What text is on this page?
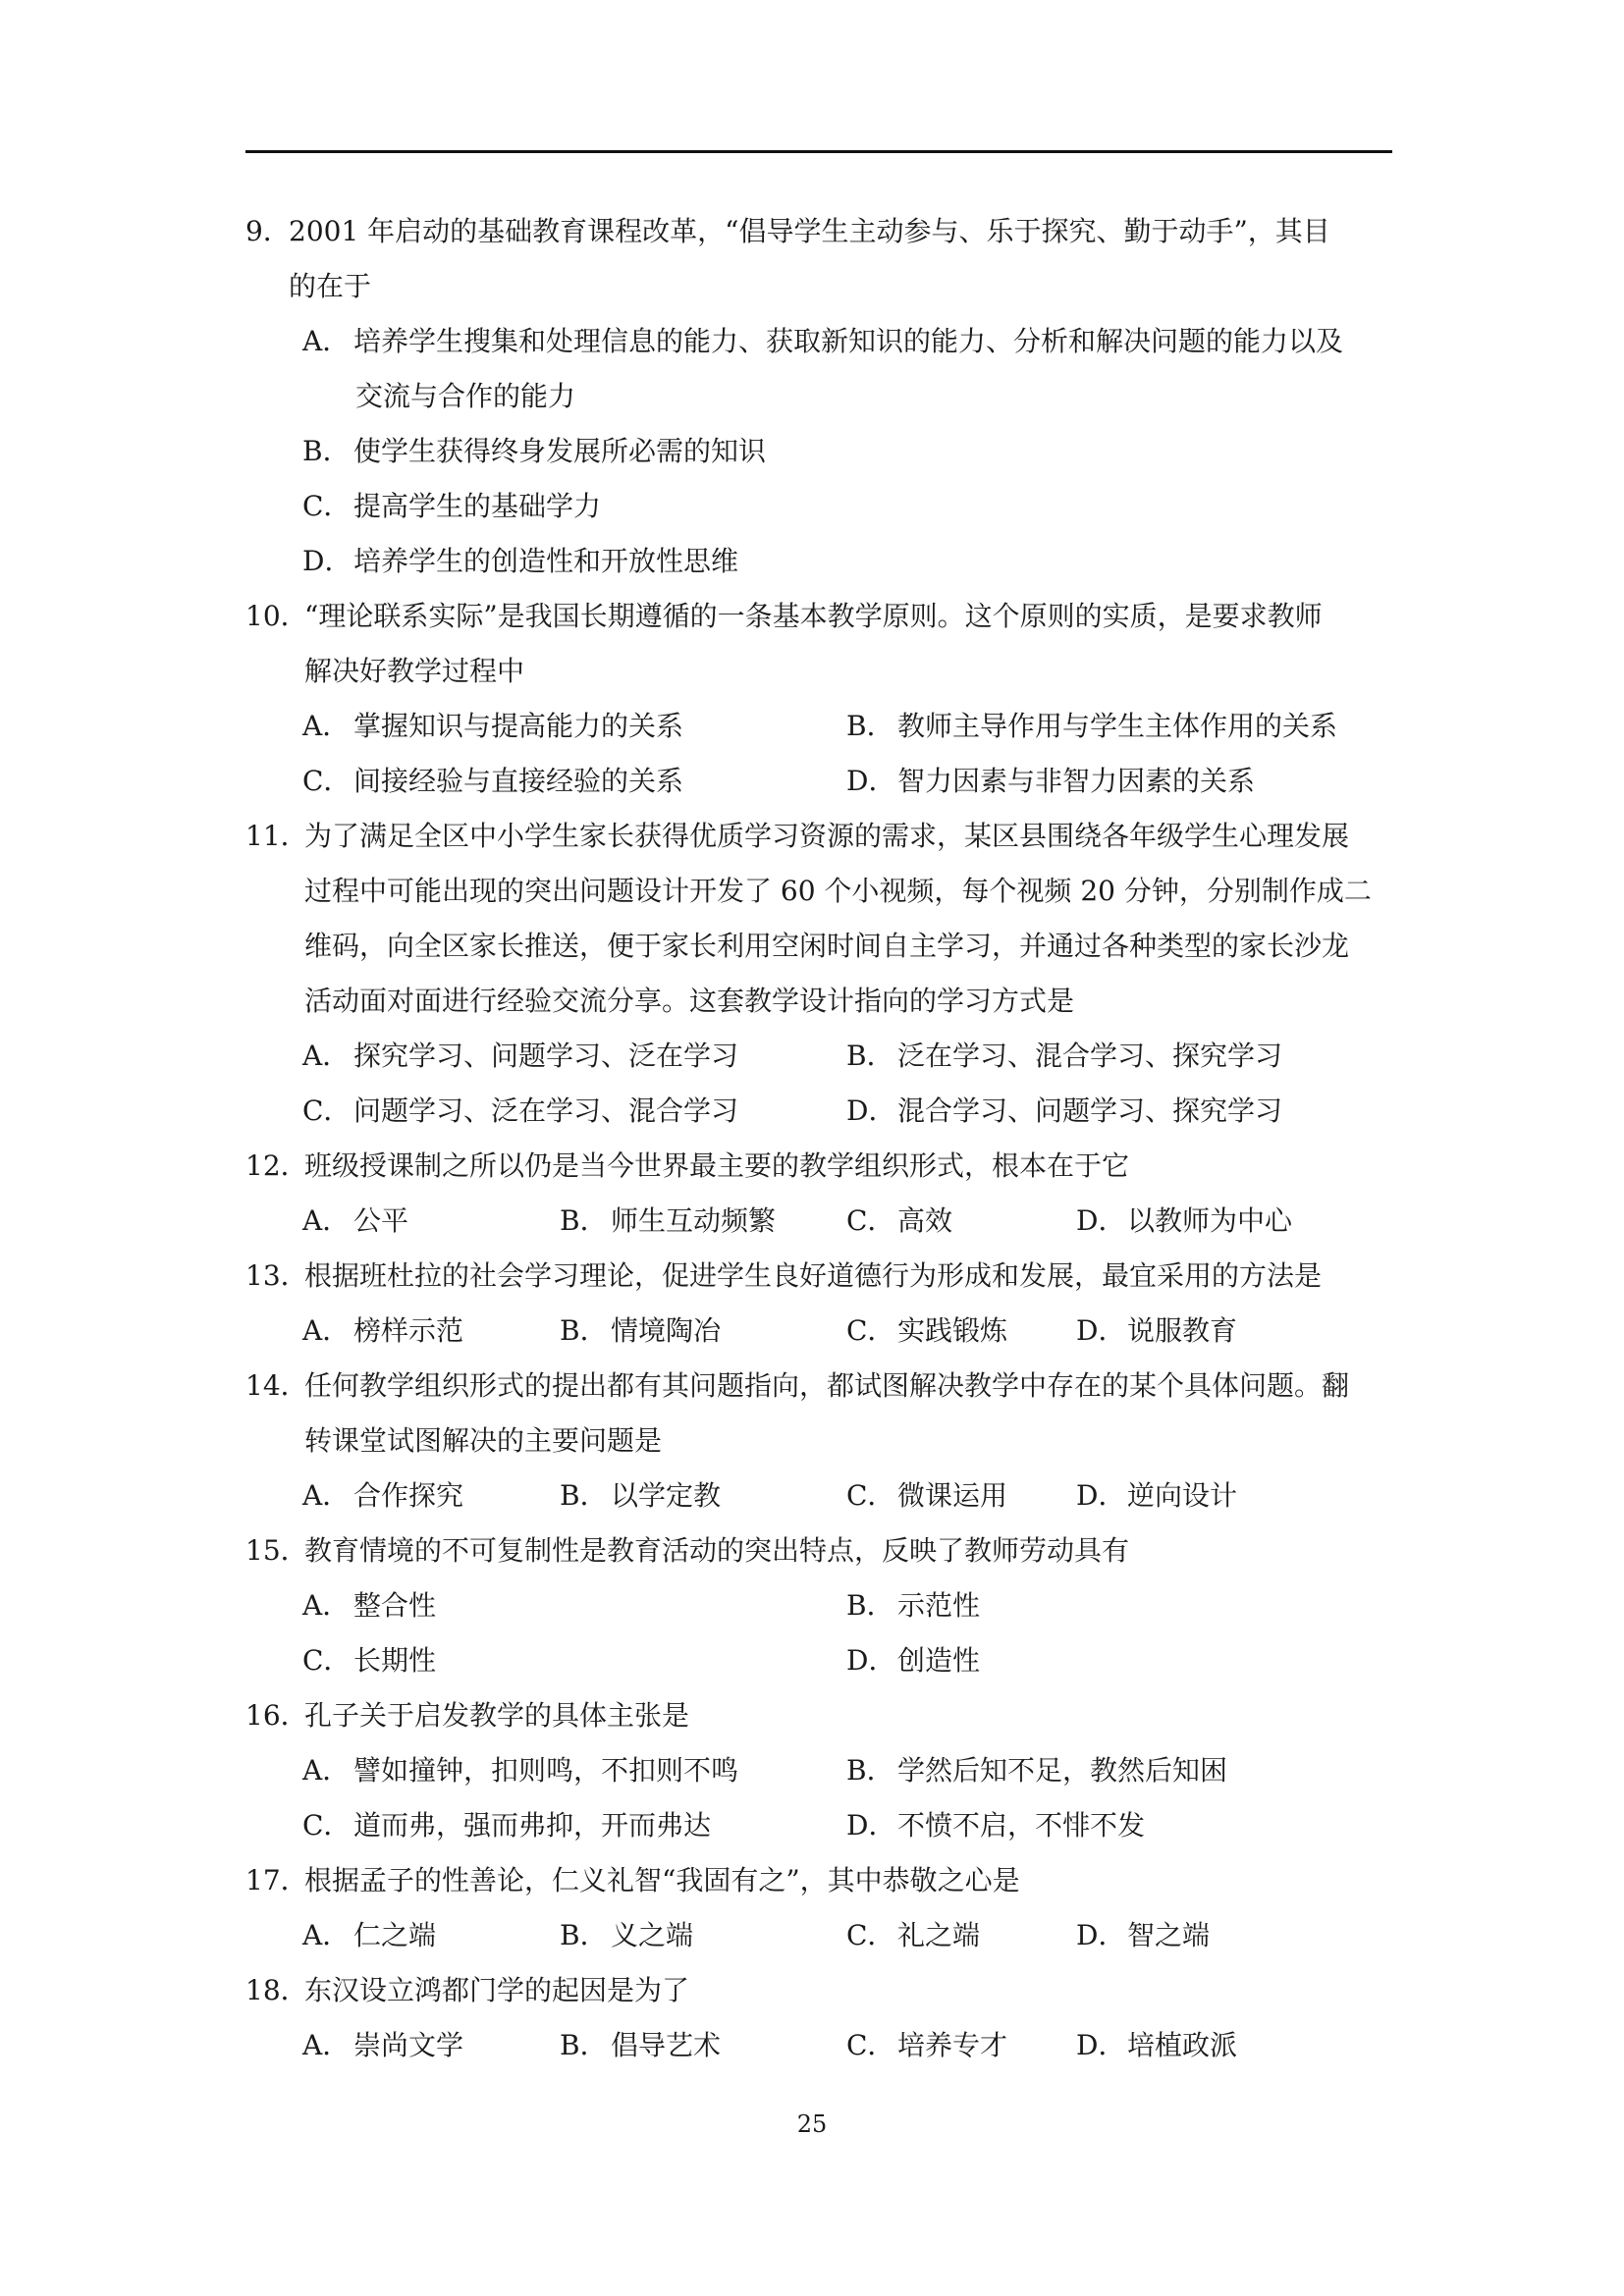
9．2001 年启动的基础教育课程改革，“倡导学生主动参与、乐于探究、勤于动手”，其目
的在于
A． 培养学生搜集和处理信息的能力、获取新知识的能力、分析和解决问题的能力以及
交流与合作的能力
B． 使学生获得终身发展所必需的知识
C．提高学生的基础学力
D．培养学生的创造性和开放性思维
10．“理论联系实际”是我国长期遵循的一条基本教学原则。这个原则的实质，是要求教师
解决好教学过程中
A． 掌握知识与提高能力的关系	B． 教师主导作用与学生主体作用的关系
C．间接经验与直接经验的关系	D．智力因素与非智力因素的关系
11．为了满足全区中小学生家长获得优质学习资源的需求，某区县围绕各年级学生心理发展
过程中可能出现的突出问题设计开发了 60 个小视频，每个视频 20 分钟，分别制作成二
维码，向全区家长推送，便于家长利用空闲时间自主学习，并通过各种类型的家长沙龙
活动面对面进行经验交流分享。这套教学设计指向的学习方式是
A． 探究学习、问题学习、泛在学习	B． 泛在学习、混合学习、探究学习
C．问题学习、泛在学习、混合学习	D．混合学习、问题学习、探究学习
12．班级授课制之所以仍是当今世界最主要的教学组织形式，根本在于它
A． 公平	B． 师生互动频繁	C．高效	D．以教师为中心
13．根据班杜拉的社会学习理论，促进学生良好道德行为形成和发展，最宜采用的方法是
A． 榜样示范	B． 情境陶冶	C．实践锻炼 D．说服教育
14．任何教学组织形式的提出都有其问题指向，都试图解决教学中存在的某个具体问题。翻
转课堂试图解决的主要问题是
A． 合作探究	B． 以学定教	C．微课运用 D．逆向设计
15．教育情境的不可复制性是教育活动的突出特点，反映了教师劳动具有
A． 整合性	B． 示范性
C．长期性	D．创造性
16．孔子关于启发教学的具体主张是
A． 譬如撞钟，扣则鸣，不扣则不鸣	B． 学然后知不足，教然后知困
C．道而弗，强而弗抑，开而弗达	D．不愤不启，不悱不发
17．根据孟子的性善论，仁义礼智“我固有之”，其中恭敬之心是
A． 仁之端	B． 义之端	C．礼之端	D．智之端
18．东汉设立鸿都门学的起因是为了
A． 崇尚文学	B． 倡导艺术	C．培养专才 D．培植政派
25
